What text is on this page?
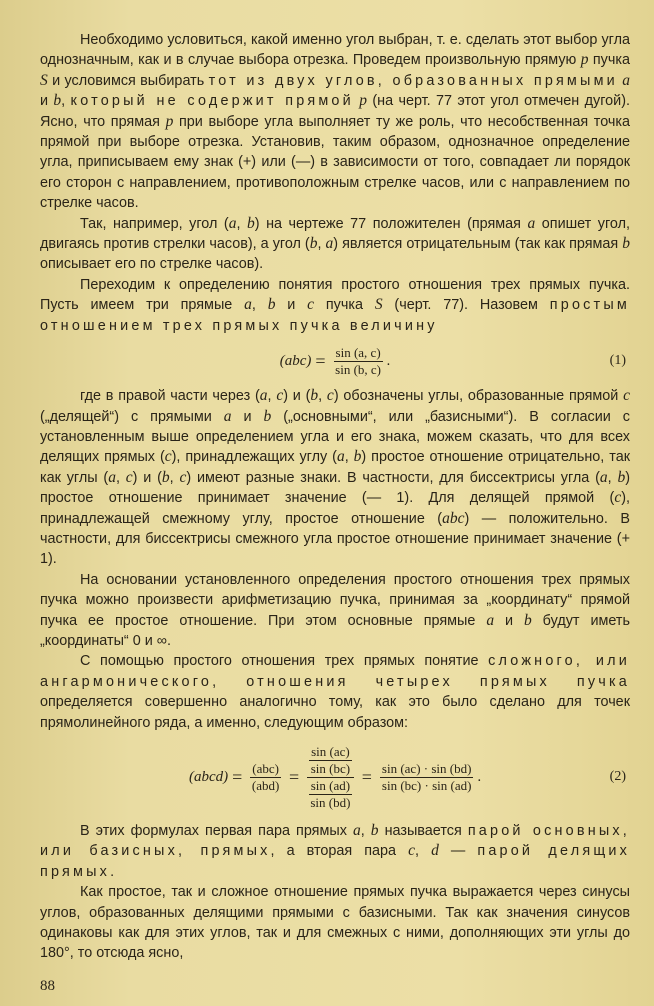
Необходимо условиться, какой именно угол выбран, т. е. сделать этот выбор угла однозначным, как и в случае выбора отрезка. Проведем произвольную прямую p пучка S и условимся выбирать тот из двух углов, образованных прямыми a и b, который не содержит прямой p (на черт. 77 этот угол отмечен дугой). Ясно, что прямая p при выборе угла выполняет ту же роль, что несобственная точка прямой при выборе отрезка. Установив, таким образом, однозначное определение угла, приписываем ему знак (+) или (—) в зависимости от того, совпадает ли порядок его сторон с направлением, противоположным стрелке часов, или с направлением по стрелке часов.

Так, например, угол (a, b) на чертеже 77 положителен (прямая a опишет угол, двигаясь против стрелки часов), а угол (b, a) является отрицательным (так как прямая b описывает его по стрелке часов).

Переходим к определению понятия простого отношения трех прямых пучка. Пусть имеем три прямые a, b и c пучка S (черт. 77). Назовем простым отношением трех прямых пучка величину

$(abc) = \frac{\sin (a, c)}{\sin (b, c)}$ .	(1)

где в правой части через (a, c) и (b, c) обозначены углы, образованные прямой c („делящей“) с прямыми a и b („основными“, или „базисными“). В согласии с установленным выше определением угла и его знака, можем сказать, что для всех делящих прямых (c), принадлежащих углу (a, b) простое отношение отрицательно, так как углы (a, c) и (b, c) имеют разные знаки. В частности, для биссектрисы угла (a, b) простое отношение принимает значение (— 1). Для делящей прямой (c), принадлежащей смежному углу, простое отношение (abc) — положительно. В частности, для биссектрисы смежного угла простое отношение принимает значение (+ 1).

На основании установленного определения простого отношения трех прямых пучка можно произвести арифметизацию пучка, принимая за „координату“ прямой пучка ее простое отношение. При этом основные прямые a и b будут иметь „координаты“ 0 и ∞.

С помощью простого отношения трех прямых понятие сложного, или ангармонического, отношения четырех прямых пучка определяется совершенно аналогично тому, как это было сделано для точек прямолинейного ряда, а именно, следующим образом:

(abcd) = $\frac{\text{(abc)}}{\text{(abd)}} = \frac{\frac{\sin (ac)}{\sin (bc)}}{\frac{\sin (ad)}{\sin (bd)}} = \frac{\sin (ac) \cdot \sin (bd)}{\sin (bc) \cdot \sin (ad)}$ .	(2)

В этих формулах первая пара прямых a, b называется парой основных, или базисных, прямых, а вторая пара c, d — парой делящих прямых.

Как простое, так и сложное отношение прямых пучка выражается через синусы углов, образованных делящими прямыми с базисными. Так как значения синусов одинаковы как для этих углов, так и для смежных с ними, дополняющих эти углы до 180°, то отсюда ясно,

88
